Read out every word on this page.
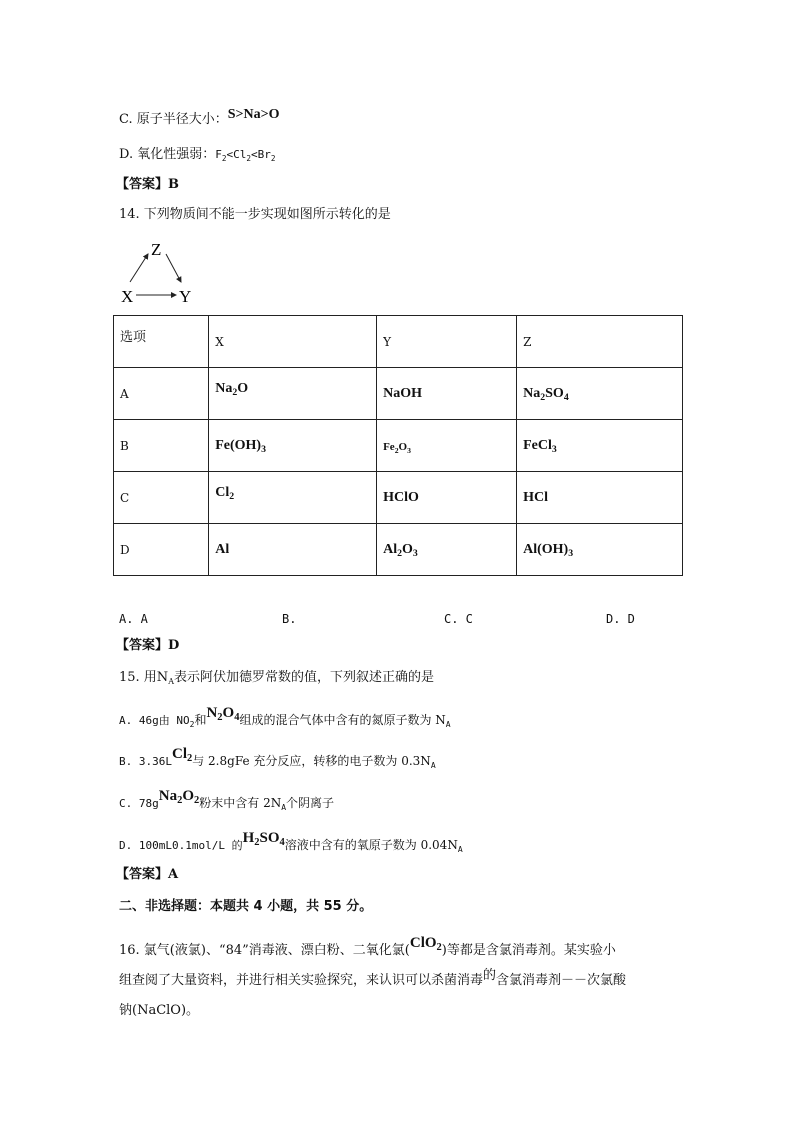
C. 原子半径大小：S>Na>O
D. 氧化性强弱：$F_2<Cl_2<Br_2$
【答案】B
14. 下列物质间不能一步实现如图所示转化的是
Z
X	Y
选项	X	Y	Z
A	$Na_2O$	NaOH	$Na_2SO_4$
B	$Fe(OH)_3$	$Fe_2O_3$	FeCl$_3$
C	$Cl_2$	HClO	HCl
D	Al	$Al_2O_3$	$Al(OH)_3$
A. A	B.	C. C	D. D
【答案】D
15. 用$N_A$表示阿伏加德罗常数的值，下列叙述正确的是
A. 46g由 $NO_2$和$N_2O_4$组成的混合气体中含有的氮原子数为 $N_A$
B. 3.36LCl$_2$与 2.8gFe 充分反应，转移的电子数为 $0.3N_A$
C. $78gNa_2O_2$粉末中含有 $2N_A$个阴离子
D. 100mL0.1mol/L 的$H_2SO_4$溶液中含有的氧原子数为 $0.04N_A$
【答案】A
二、非选择题：本题共 4 小题，共 55 分。
16. 氯气(液氯)、“84”消毒液、漂白粉、二氧化氯(ClO$_2$)等都是含氯消毒剂。某实验小
组查阅了大量资料，并进行相关实验探究，来认识可以杀菌消毒的含氯消毒剂－－次氯酸
钠(NaClO)。
